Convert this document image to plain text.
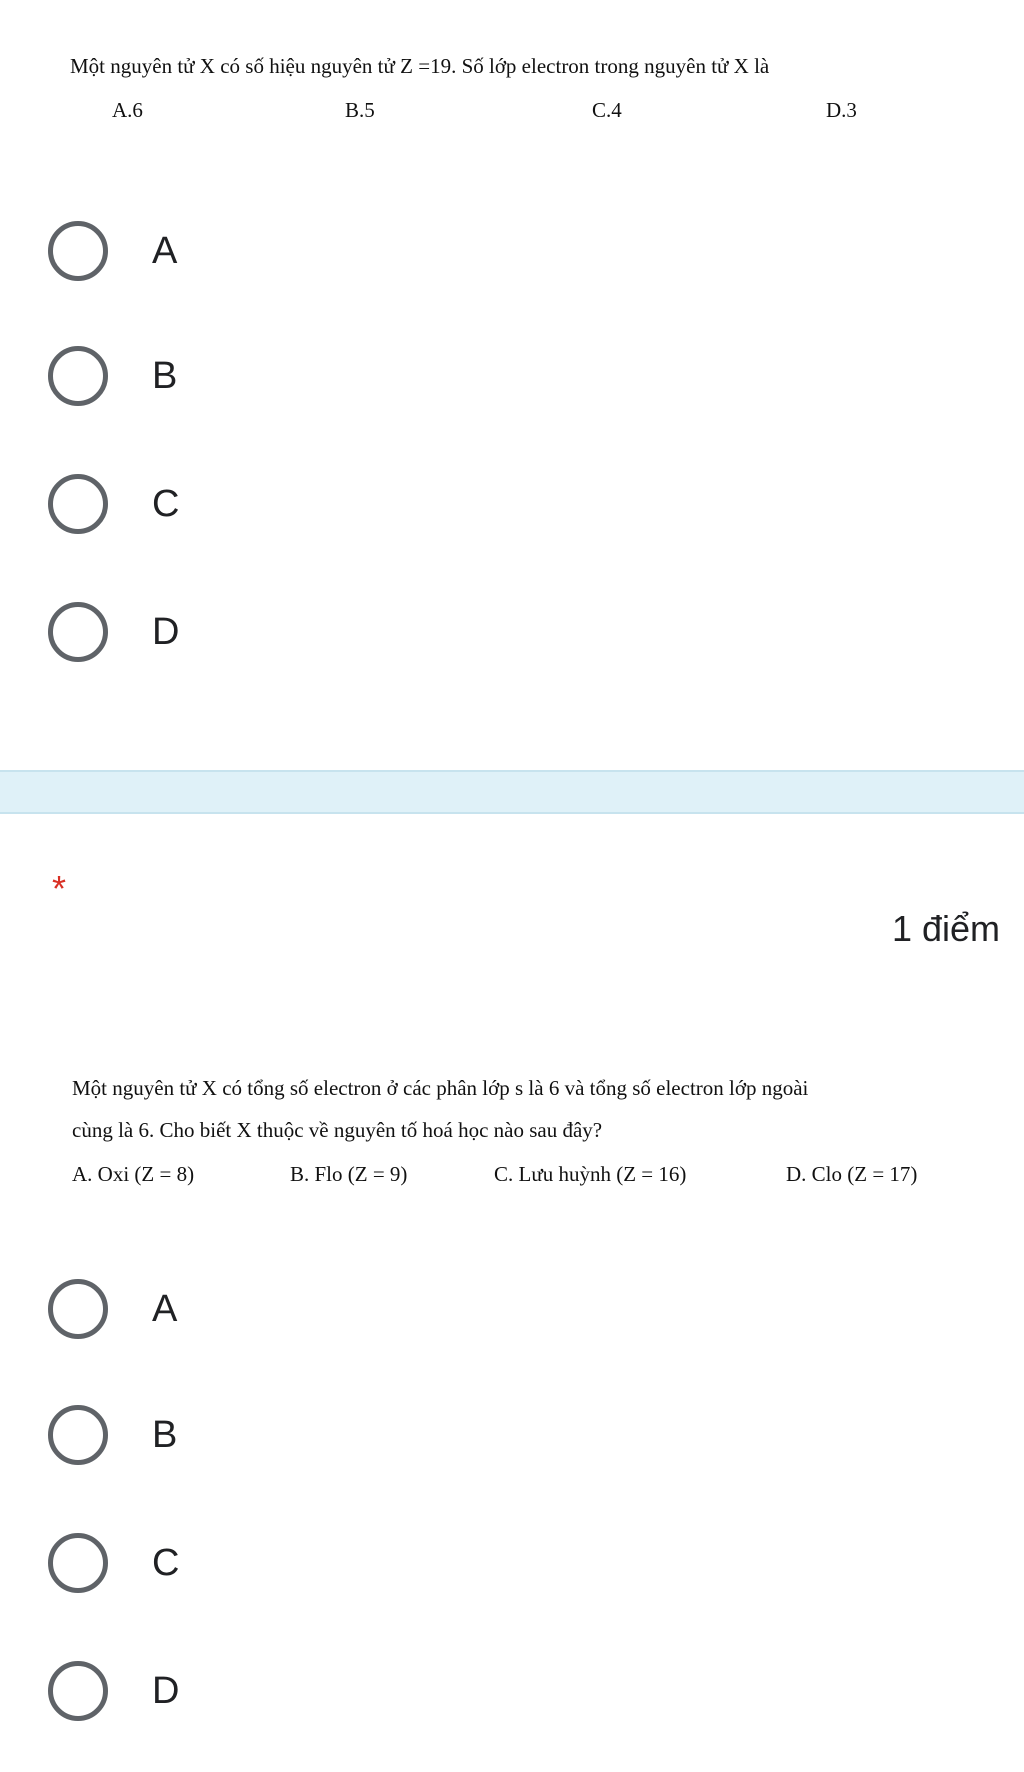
Một nguyên tử X có số hiệu nguyên tử Z =19. Số lớp electron trong nguyên tử X là
A.6	B.5	C.4	D.3
A
B
C
D
*
1 điểm
Một nguyên tử X có tổng số electron ở các phân lớp s là 6 và tổng số electron lớp ngoài
cùng là 6. Cho biết X thuộc về nguyên tố hoá học nào sau đây?
A. Oxi (Z = 8)	B. Flo (Z = 9)	C. Lưu huỳnh (Z = 16)	D. Clo (Z = 17)
A
B
C
D
